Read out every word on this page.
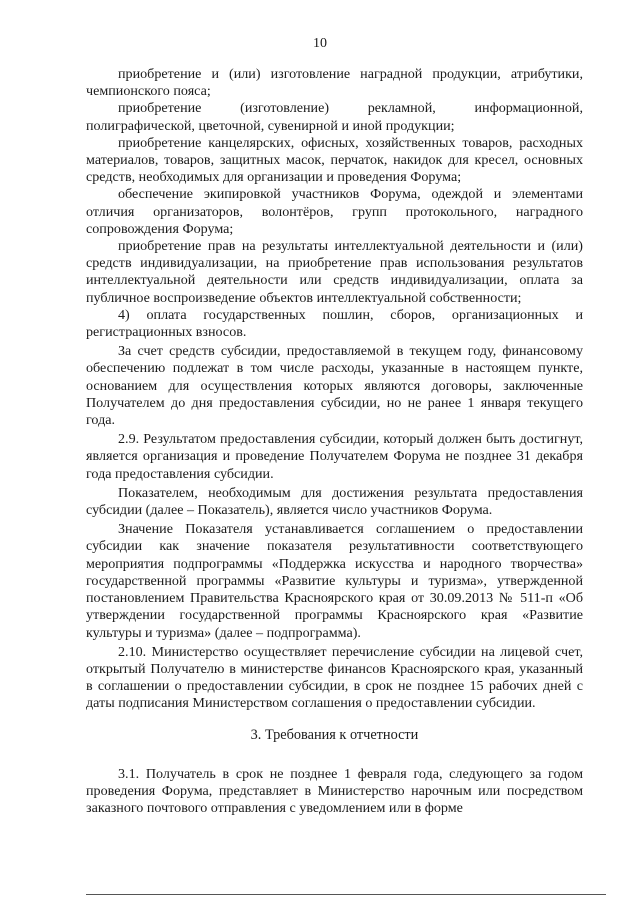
10

приобретение и (или) изготовление наградной продукции, атрибутики, чемпионского пояса;

приобретение (изготовление) рекламной, информационной, полиграфической, цветочной, сувенирной и иной продукции;

приобретение канцелярских, офисных, хозяйственных товаров, расходных материалов, товаров, защитных масок, перчаток, накидок для кресел, основных средств, необходимых для организации и проведения Форума;

обеспечение экипировкой участников Форума, одеждой и элементами отличия организаторов, волонтёров, групп протокольного, наградного сопровождения Форума;

приобретение прав на результаты интеллектуальной деятельности и (или) средств индивидуализации, на приобретение прав использования результатов интеллектуальной деятельности или средств индивидуализации, оплата за публичное воспроизведение объектов интеллектуальной собственности;

4) оплата государственных пошлин, сборов, организационных и регистрационных взносов.

За счет средств субсидии, предоставляемой в текущем году, финансовому обеспечению подлежат в том числе расходы, указанные в настоящем пункте, основанием для осуществления которых являются договоры, заключенные Получателем до дня предоставления субсидии, но не ранее 1 января текущего года.

2.9. Результатом предоставления субсидии, который должен быть достигнут, является организация и проведение Получателем Форума не позднее 31 декабря года предоставления субсидии.

Показателем, необходимым для достижения результата предоставления субсидии (далее – Показатель), является число участников Форума.

Значение Показателя устанавливается соглашением о предоставлении субсидии как значение показателя результативности соответствующего мероприятия подпрограммы «Поддержка искусства и народного творчества» государственной программы «Развитие культуры и туризма», утвержденной постановлением Правительства Красноярского края от 30.09.2013 № 511-п «Об утверждении государственной программы Красноярского края «Развитие культуры и туризма» (далее – подпрограмма).

2.10. Министерство осуществляет перечисление субсидии на лицевой счет, открытый Получателю в министерстве финансов Красноярского края, указанный в соглашении о предоставлении субсидии, в срок не позднее 15 рабочих дней с даты подписания Министерством соглашения о предоставлении субсидии.

3. Требования к отчетности

3.1. Получатель в срок не позднее 1 февраля года, следующего за годом проведения Форума, представляет в Министерство нарочным или посредством заказного почтового отправления с уведомлением или в форме
